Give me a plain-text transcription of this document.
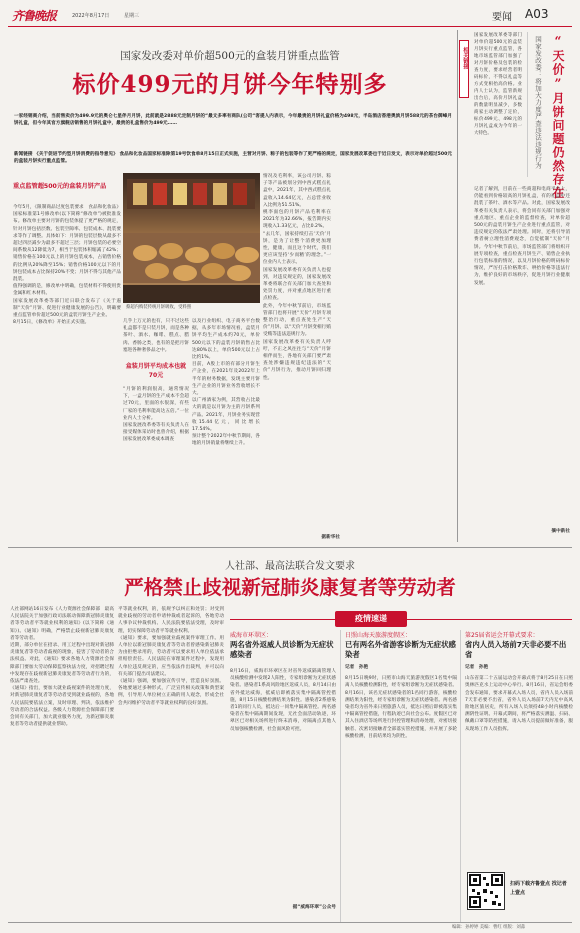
齐鲁晚报	2022年8月17日	星期三	要闻 A03
国家发改委对单价超500元的盒装月饼重点监管
标价499元的月饼今年特别多
一家经销商介绍，当前售卖价为499.9元的奥仑七星伴月月饼，此前就是2888元定制月饼的“最文多率有商队(公司“客提人内表示，今年最贵的月饼礼盒价格为498元，半岛酒店香港奥滨月饼588元的茶台御峰月饼礼盒，但今年其官方旗舰店销售的月饼礼盒中，最贵的礼盒售价为499元……
新闻链接 《关于促进节约型月饼消费的指导意见》 食品和化妆品国家标准除第19号饮食单8月15日正式实施，主营对月饼、粽子的包装等作了更严格的规定，国家发展改革委也于近日发文，表示对单价超过500元的盒装月饼实行重点监管。
重点监管超500元的盒装月饼产品

今年5月，《限制商品过度包装要求　食品和化妆品》国家标准第1号修改单(以下简称“修改单”)被批准发布。修改单主要对月饼的包装体提了更严格的规定，针对月饼包括层数、包装空隙率、包装成本、混装要求等作了调整。具体如下：月饼的包装层数从最多不超过四层减少为最多不超过三层；月饼包装的必要空间系数从12降低为7，相当于包装体积缩减了42%；销售价格在100元以上的月饼包装成本，占销售价格的比例从20%降至15%；销售价格100元以下的月饼包装成本占比保持20%不变；月饼不得与其他产品混装。

值得强调的是，修改单中明确，包装材料不得使用贵金属和红木材料。

国家发展改革委等部门近日联合发布了《关于遏制“天价”月饼、促进行业健康发展的公告》，明确要重点监管单价超过500元的盒装月饼生产企业。

8月15日，《修改单》开始正式实施。

蔡超内购装传统月饼吸收，受料照

几乎上万元的也有，只不过这些礼盒都不是只装月饼，而是各种茶叶、酒水、咖啡、糕点、腊肉、香肠之类，也有的是把月饼塞进各种奢侈品之中。

盒装月饼平均成本也就70元

“月饼的利润很高，通常情况下，一盒月饼的生产成本不会超过70元，里面的水很深，有些厂家的毛利率能高达五倍。”一位业内人士分析。

国家发展改革委等有关负责人在接受媒体采访时也曾介绍，根据国家发展改革委成本调查

以及行业组织、电子商务平台数据，从多年市场情况看，盒装月饼平均生产成本约70元，单价500元以下的盒装月饼销售占比达80%以上，单价500元以上占比约1%。

目前，A股上市的有部分月饼生产企业，在2021年及2022年上半年的财务数据，发现主要月饼生产企业的月饼业务营收增长不大。

以广州酒家为例，其营收占比最大的就是以月饼为主的月饼系列产品。2021年，月饼业务实现营收15.44亿元，同比增长17.54%。

预计整个2022年中秋节期间，各地的月饼销量将继续上升。

情况及毛利率，该公司月饼、粽子等产品被划分到中西式糕点礼盒中，2021年，其中西式糕点礼盒收入14.64亿元，占总营业收入比例为51.51%。

桃李面包的月饼产品毛利率在2021年为32.66%，报告期内实现收入1.33亿元，占比0.2%。

“去几年，国家持续打击‘天价’月饼，是为了让整个消费更加理性，健康，而且这个时代，我们更应该坚持‘少而精’的理念。”一位业内人士表示。

国家发展改革委有关负责人也提到，对违反规定的，国家发展改革委将联合有关部门加大查处和处罚力度，并对重点地区进行重点检查。

此外，今年中秋节前后，市场监管部门也将开展“天价”月饼专项整治行动，重点查处生产“天价”月饼、以“天价”月饼变相行贿受贿等违法违规行为。

国家发展改革委有关负责人呼吁，不正之风往往与“天价”月饼相伴而生，各地有关部门要严肃查处涉嫌违规违纪违法的“天价”月饼行为，推动月饼回归理性。

据新华社
相关链接
国家发展改革委等部门对单价超500元的盒装月饼实行重点监管，各地市场监管部门加强了对月饼价格及包装的检查力度，要求经营者明码标价，不得以礼盒等方式变相抬高价格。业内人士认为，监管新规出台后，高价月饼礼盒的数量明显减少，多数商家主动调整了定价，标价499元、498元的月饼礼盒成为今年的一大特色。	“天价”月饼问题仍然存在
国家发改委：将加大力度严查违法违规行为
记者了解到，目前在一些商超和电商平台上，仍能看到价格较高的月饼礼盒，有的礼盒中还混装了茶叶、酒水等产品。对此，国家发展改革委有关负责人表示，将会同有关部门加强对重点地区、重点企业的监督检查，对单价超500元的盒装月饼生产企业进行重点监管，对违反规定的依法严肃处理。同时，还将引导消费者树立理性消费观念，自觉抵制“天价”月饼。今年中秋节前后，市场监管部门将组织开展专项检查，重点检查月饼生产、销售企业执行包装标准的情况，以及月饼价格的明码标价情况，严厉打击价格欺诈、哄抬价格等违法行为，维护良好的市场秩序，促进月饼行业健康发展。
摘中新社
人社部、最高法联合发文要求
严格禁止歧视新冠肺炎康复者等劳动者

人社部网站16日发布《人力资源社会保障部　最高人民法院关于加强行政司法联动保障新冠肺炎康复者等劳动者平等就业权利的通知》(以下简称《通知》)。《通知》明确，严格禁止歧视新冠肺炎康复者等劳动者。

近期，部分单位在招录、用工过程中出现对新冠肺炎康复者等劳动者歧视的现象，侵害了劳动者的合法权益。对此，《通知》要求各地人力资源社会保障部门要加大劳动保障监察执法力度，对招聘过程中发现存在歧视新冠肺炎康复者等劳动者行为的，依法严肃查处。

《通知》指出，要加大就业歧视案件的处理力度，对新冠肺炎康复者等劳动者受到就业歧视的，各地人民法院要依法立案，及时审理、判决，依法维护劳动者的合法权益。各级人力资源社会保障部门要会同有关部门，加大就业服务力度，为新冠肺炎康复者等劳动者提供就业帮助。

平等就业权利，的，依规予以纠正和处罚；对受到就业歧视的劳动者申请仲裁或者起诉的，各地劳动人事争议仲裁机构、人民法院要依法受理，及时审理，切实保障劳动者平等就业权利。

《通知》要求，要加强就业歧视案件审理工作。用人单位以新冠肺炎康复者等劳动者曾感染新冠肺炎为由拒绝录用的，劳动者可以要求用人单位依法承担赔偿责任。人民法院在审理案件过程中，发现用人单位违反规定的，应当依法作出裁判，并可以向有关部门提出司法建议。

《通知》强调，要加强宣传引导，营造良好氛围。各地要通过多种形式，广泛宣传相关政策和典型案例，引导用人单位树立正确的用人观念，形成全社会共同维护劳动者平等就业权利的良好氛围。

疫情速递
威海市环翠区：
两名省外返威人员诊断为无症状感染者
8月16日，威海市环翠区在对省外返威隔离管理人员核酸检测中发现2人阳性，专家组诊断为无症状感染者。感染者1系高风险地区返威人员，8月14日由省外抵达威海，抵威后即被落实集中隔离管控措施，8月15日核酸检测结果为阳性。感染者2系感染者1的同行人员，抵达后一同集中隔离管控。两名感染者在集中隔离期间发现，无社会面活动轨迹，环翠区已对相关场所进行终末消毒，对隔离点其他人员加强核酸检测，社会面风险可控。
据“威海环翠”公众号
日照山海天旅游度假区：
已有两名外省游客诊断为无症状感染者
记者　孙艳
8月15日晚9时，日照市山海天旅游度假区1名集中隔离人员核酸检测阳性，经专家组诊断为无症状感染者。8月16日，该名无症状感染者的1名同行游客，核酸检测结果为阳性，经专家组诊断为无症状感染者。两名感染者均为省外来日照旅游人员，抵达日照后即被落实集中隔离管控措施，行程轨迹已向社会公布。度假区已对其入住酒店等场所进行封控管理和消毒处理，对密切接触者、次密切接触者全部落实管控措施，并开展了多轮核酸检测，目前结果均为阴性。
第25届省运会开幕式要求：
省内人员入场前7天非必要不出省
记者　孙艳
山东省第二十五届运动会开幕式将于8月25日在日照奥林匹克水上运动中心举行。8月16日，省运会组委会发布通知，要求开幕式入场人员，省内人员入场前7天非必要不出省，省外人员入场前7天内无中高风险地区旅居史，所有入场人员须持48小时内核酸检测阴性证明。开幕式期间，将严格落实测温、扫码、佩戴口罩等防控措施，请入场人员提前做好准备，服从现场工作人员指挥。
扫码下载齐鲁壹点 找记者 上壹点
编辑：孙婷婷 美编：曹红 组版：刘淼
